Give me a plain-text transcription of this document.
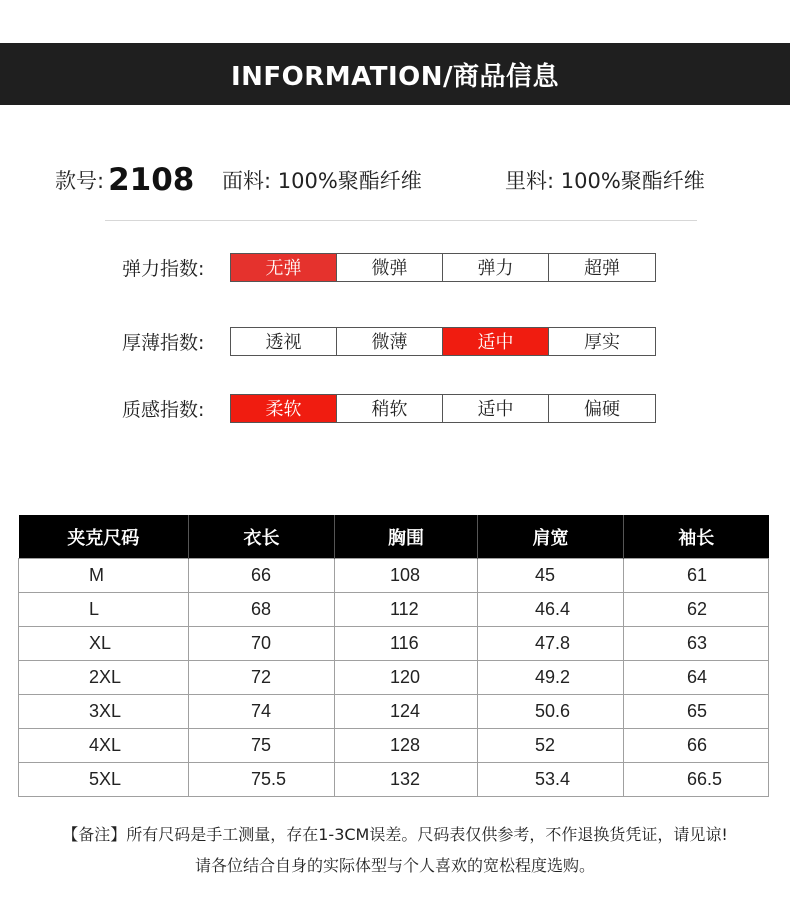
INFORMATION/商品信息
款号: 2108 面料: 100%聚酯纤维	里料: 100%聚酯纤维
弹力指数:	无弹	微弹	弹力	超弹
厚薄指数:	透视	微薄	适中	厚实
质感指数:	柔软	稍软	适中	偏硬
夹克尺码	衣长	胸围	肩宽	袖长
M	66	108	45	61
L	68	112	46.4	62
XL	70	116	47.8	63
2XL	72	120	49.2	64
3XL	74	124	50.6	65
4XL	75	128	52	66
5XL	75.5	132	53.4	66.5
【备注】所有尺码是手工测量，存在1-3CM误差。尺码表仅供参考，不作退换货凭证，请见谅!
请各位结合自身的实际体型与个人喜欢的宽松程度选购。
